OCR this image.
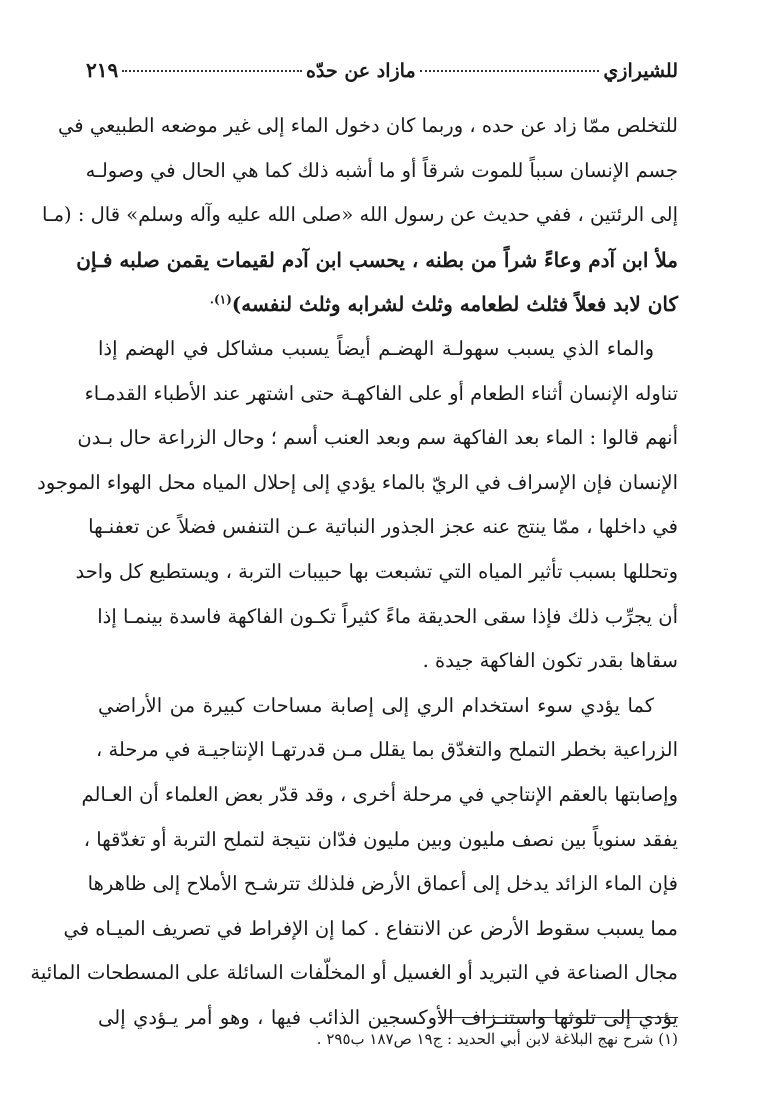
للشيرازي
مازاد عن حدّه
٢١٩
للتخلص ممّا زاد عن حده ، وربما كان دخول الماء إلى غير موضعه الطبيعي في
جسم الإنسان سبباً للموت شرقاً أو ما أشبه ذلك كما هي الحال في وصولـه
إلى الرئتين ، ففي حديث عن رسول الله «صلى الله عليه وآله وسلم» قال : (مـا
ملأ ابن آدم وعاءً شراً من بطنه ، يحسب ابن آدم لقيمات يقمن صلبه فـإن
كان لابد فعلاً فثلث لطعامه وثلث لشرابه وثلث لنفسه)$^{(١).}$
والماء الذي يسبب سهولـة الهضـم أيضاً يسبب مشاكل في الهضم إذا
تناوله الإنسان أثناء الطعام أو على الفاكهـة حتى اشتهر عند الأطباء القدمـاء
أنهم قالوا : الماء بعد الفاكهة سم وبعد العنب أسم ؛ وحال الزراعة حال بـدن
الإنسان فإن الإسراف في الريّ بالماء يؤدي إلى إحلال المياه محل الهواء الموجود
في داخلها ، ممّا ينتج عنه عجز الجذور النباتية عـن التنفس فضلاً عن تعفنـها
وتحللها بسبب تأثير المياه التي تشبعت بها حبيبات التربة ، ويستطيع كل واحد
أن يجرِّب ذلك فإذا سقى الحديقة ماءً كثيراً تكـون الفاكهة فاسدة بينمـا إذا
سقاها بقدر تكون الفاكهة جيدة .
كما يؤدي سوء استخدام الري إلى إصابة مساحات كبيرة من الأراضي
الزراعية بخطر التملح والتغدّق بما يقلل مـن قدرتهـا الإنتاجيـة في مرحلة ،
وإصابتها بالعقم الإنتاجي في مرحلة أخرى ، وقد قدّر بعض العلماء أن العـالم
يفقد سنوياً بين نصف مليون وبين مليون فدّان نتيجة لتملح التربة أو تغدّقها ،
فإن الماء الزائد يدخل إلى أعماق الأرض فلذلك تترشـح الأملاح إلى ظاهرها
مما يسبب سقوط الأرض عن الانتفاع . كما إن الإفراط في تصريف الميـاه في
مجال الصناعة في التبريد أو الغسيل أو المخلّفات السائلة على المسطحات المائية
يؤدي إلى تلوثها واستنـزاف الأوكسجين الذائب فيها ، وهو أمر يـؤدي إلى
(١) شرح نهج البلاغة لابن أبي الحديد : ج١٩ ص١٨٧ ب٢٩٥ .
